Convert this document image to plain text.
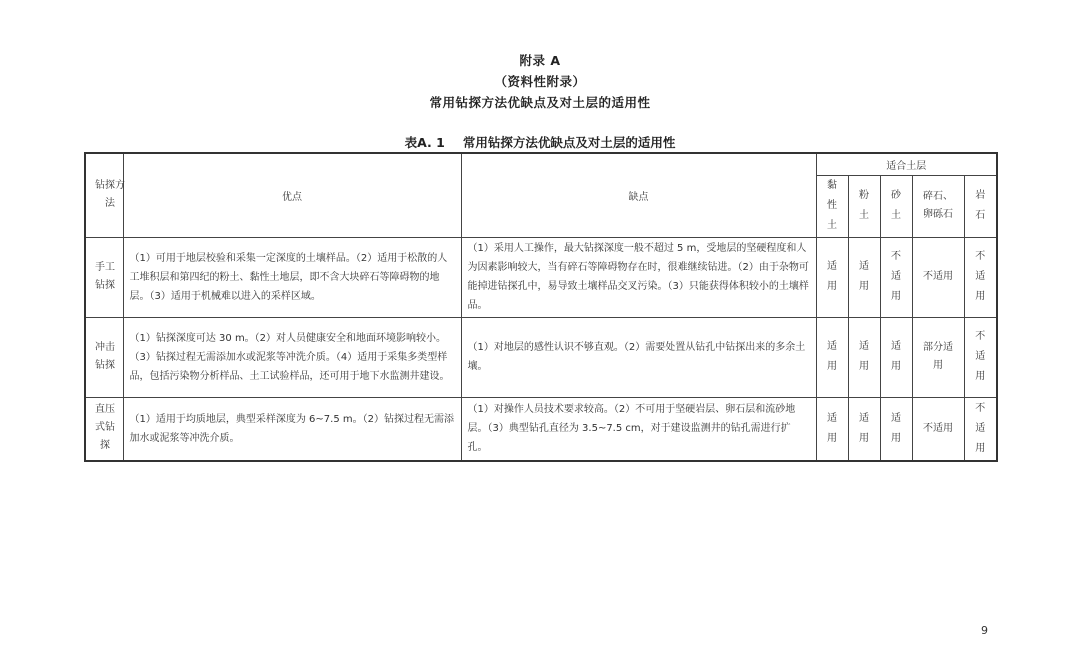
附录 A
（资料性附录）
常用钻探方法优缺点及对土层的适用性
表A. 1 常用钻探方法优缺点及对土层的适用性
钻探方法	优点	缺点	适合土层				
			黏性土	粉土	砂土	碎石、卵砾石	岩石
手工钻探	（1）可用于地层校验和采集一定深度的土壤样品。（2）适用于松散的人工堆积层和第四纪的粉土、黏性土地层，即不含大块碎石等障碍物的地层。（3）适用于机械难以进入的采样区域。	（1）采用人工操作，最大钻探深度一般不超过 5 m，受地层的坚硬程度和人为因素影响较大，当有碎石等障碍物存在时，很难继续钻进。（2）由于杂物可能掉进钻探孔中，易导致土壤样品交叉污染。（3）只能获得体积较小的土壤样品。	适用	适用	不适用	不适用	不适用
冲击钻探	（1）钻探深度可达 30 m。（2）对人员健康安全和地面环境影响较小。（3）钻探过程无需添加水或泥浆等冲洗介质。（4）适用于采集多类型样品，包括污染物分析样品、土工试验样品，还可用于地下水监测井建设。	（1）对地层的感性认识不够直观。（2）需要处置从钻孔中钻探出来的多余土壤。	适用	适用	适用	部分适用	不适用
直压式钻探	（1）适用于均质地层，典型采样深度为 6~7.5 m。（2）钻探过程无需添加水或泥浆等冲洗介质。	（1）对操作人员技术要求较高。（2）不可用于坚硬岩层、卵石层和流砂地层。（3）典型钻孔直径为 3.5~7.5 cm，对于建设监测井的钻孔需进行扩孔。	适用	适用	适用	不适用	不适用
9
